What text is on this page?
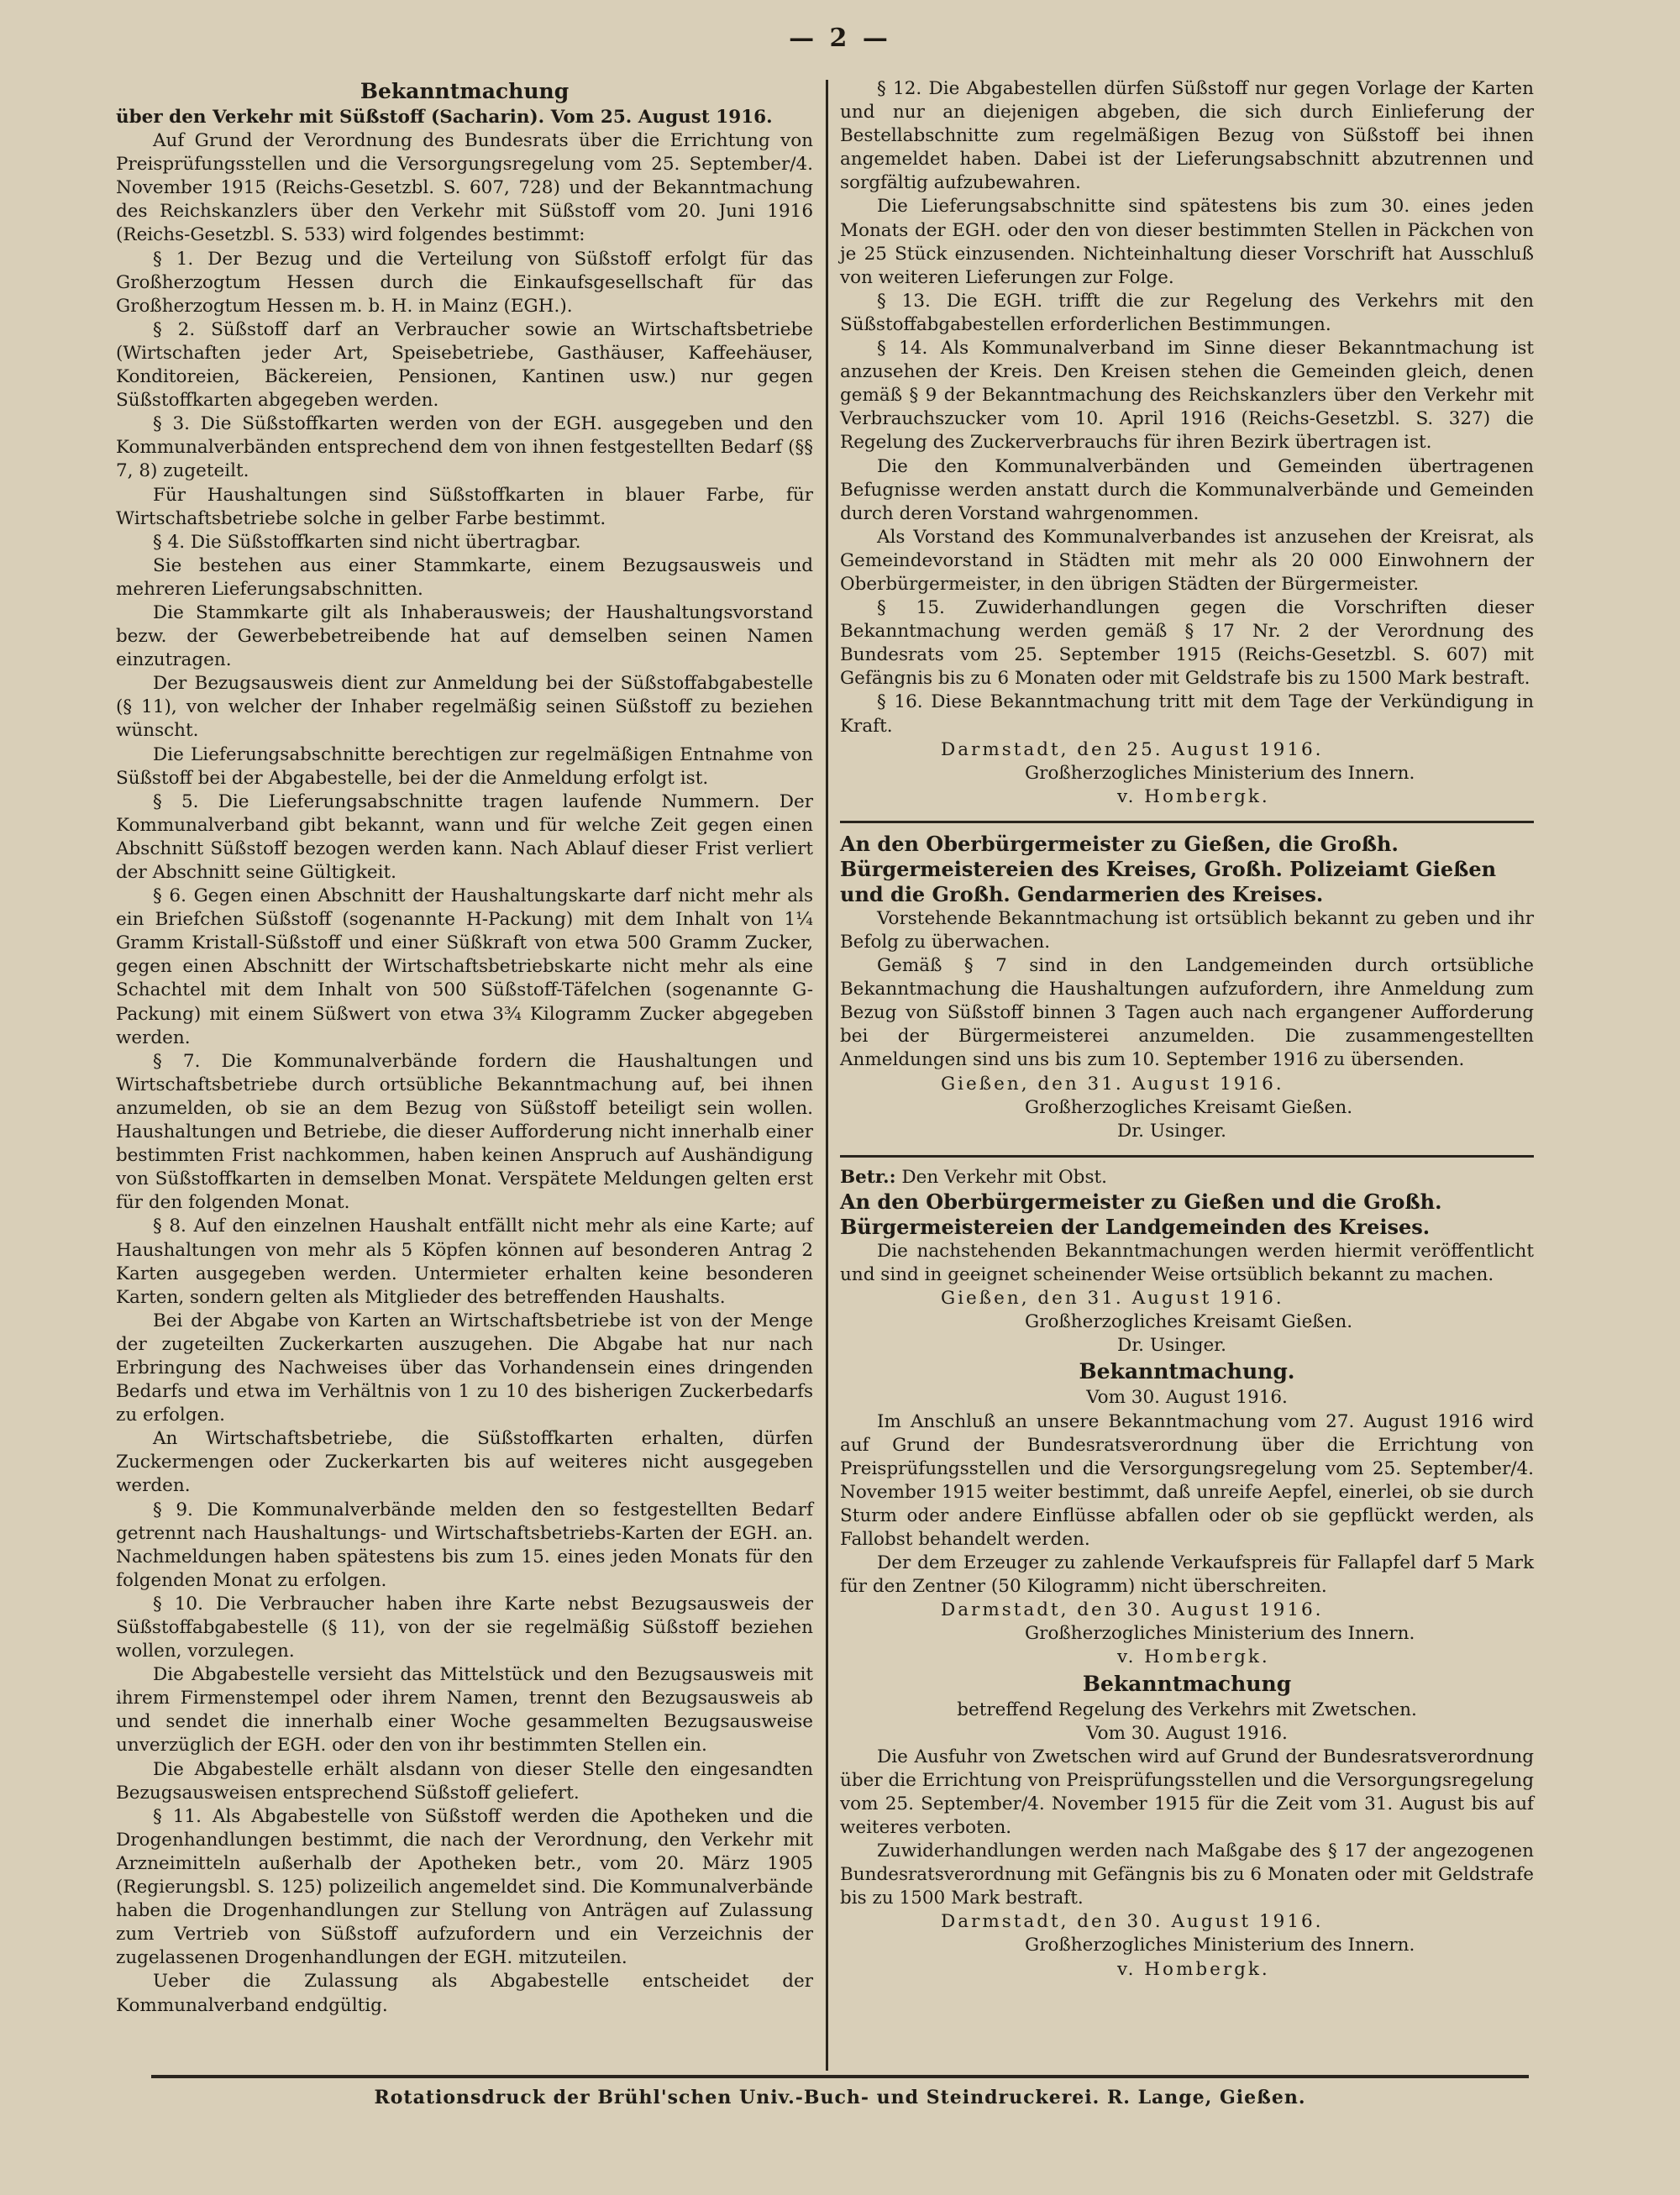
— 2 —
Bekanntmachung

über den Verkehr mit Süßstoff (Sacharin). Vom 25. August 1916.

Auf Grund der Verordnung des Bundesrats über die Errichtung von Preisprüfungsstellen und die Versorgungsregelung vom 25. September/4. November 1915 (Reichs-Gesetzbl. S. 607, 728) und der Bekanntmachung des Reichskanzlers über den Verkehr mit Süßstoff vom 20. Juni 1916 (Reichs-Gesetzbl. S. 533) wird folgendes bestimmt:

§ 1. Der Bezug und die Verteilung von Süßstoff erfolgt für das Großherzogtum Hessen durch die Einkaufsgesellschaft für das Großherzogtum Hessen m. b. H. in Mainz (EGH.).

§ 2. Süßstoff darf an Verbraucher sowie an Wirtschaftsbetriebe (Wirtschaften jeder Art, Speisebetriebe, Gasthäuser, Kaffeehäuser, Konditoreien, Bäckereien, Pensionen, Kantinen usw.) nur gegen Süßstoffkarten abgegeben werden.

§ 3. Die Süßstoffkarten werden von der EGH. ausgegeben und den Kommunalverbänden entsprechend dem von ihnen festgestellten Bedarf (§§ 7, 8) zugeteilt.

Für Haushaltungen sind Süßstoffkarten in blauer Farbe, für Wirtschaftsbetriebe solche in gelber Farbe bestimmt.

§ 4. Die Süßstoffkarten sind nicht übertragbar.

Sie bestehen aus einer Stammkarte, einem Bezugsausweis und mehreren Lieferungsabschnitten.

Die Stammkarte gilt als Inhaberausweis; der Haushaltungsvorstand bezw. der Gewerbebetreibende hat auf demselben seinen Namen einzutragen.

Der Bezugsausweis dient zur Anmeldung bei der Süßstoffabgabestelle (§ 11), von welcher der Inhaber regelmäßig seinen Süßstoff zu beziehen wünscht.

Die Lieferungsabschnitte berechtigen zur regelmäßigen Entnahme von Süßstoff bei der Abgabestelle, bei der die Anmeldung erfolgt ist.

§ 5. Die Lieferungsabschnitte tragen laufende Nummern. Der Kommunalverband gibt bekannt, wann und für welche Zeit gegen einen Abschnitt Süßstoff bezogen werden kann. Nach Ablauf dieser Frist verliert der Abschnitt seine Gültigkeit.

§ 6. Gegen einen Abschnitt der Haushaltungskarte darf nicht mehr als ein Briefchen Süßstoff (sogenannte H-Packung) mit dem Inhalt von 1¼ Gramm Kristall-Süßstoff und einer Süßkraft von etwa 500 Gramm Zucker, gegen einen Abschnitt der Wirtschaftsbetriebskarte nicht mehr als eine Schachtel mit dem Inhalt von 500 Süßstoff-Täfelchen (sogenannte G-Packung) mit einem Süßwert von etwa 3¾ Kilogramm Zucker abgegeben werden.

§ 7. Die Kommunalverbände fordern die Haushaltungen und Wirtschaftsbetriebe durch ortsübliche Bekanntmachung auf, bei ihnen anzumelden, ob sie an dem Bezug von Süßstoff beteiligt sein wollen. Haushaltungen und Betriebe, die dieser Aufforderung nicht innerhalb einer bestimmten Frist nachkommen, haben keinen Anspruch auf Aushändigung von Süßstoffkarten in demselben Monat. Verspätete Meldungen gelten erst für den folgenden Monat.

§ 8. Auf den einzelnen Haushalt entfällt nicht mehr als eine Karte; auf Haushaltungen von mehr als 5 Köpfen können auf besonderen Antrag 2 Karten ausgegeben werden. Untermieter erhalten keine besonderen Karten, sondern gelten als Mitglieder des betreffenden Haushalts.

Bei der Abgabe von Karten an Wirtschaftsbetriebe ist von der Menge der zugeteilten Zuckerkarten auszugehen. Die Abgabe hat nur nach Erbringung des Nachweises über das Vorhandensein eines dringenden Bedarfs und etwa im Verhältnis von 1 zu 10 des bisherigen Zuckerbedarfs zu erfolgen.

An Wirtschaftsbetriebe, die Süßstoffkarten erhalten, dürfen Zuckermengen oder Zuckerkarten bis auf weiteres nicht ausgegeben werden.

§ 9. Die Kommunalverbände melden den so festgestellten Bedarf getrennt nach Haushaltungs- und Wirtschaftsbetriebs-Karten der EGH. an. Nachmeldungen haben spätestens bis zum 15. eines jeden Monats für den folgenden Monat zu erfolgen.

§ 10. Die Verbraucher haben ihre Karte nebst Bezugsausweis der Süßstoffabgabestelle (§ 11), von der sie regelmäßig Süßstoff beziehen wollen, vorzulegen.

Die Abgabestelle versieht das Mittelstück und den Bezugsausweis mit ihrem Firmenstempel oder ihrem Namen, trennt den Bezugsausweis ab und sendet die innerhalb einer Woche gesammelten Bezugsausweise unverzüglich der EGH. oder den von ihr bestimmten Stellen ein.

Die Abgabestelle erhält alsdann von dieser Stelle den eingesandten Bezugsausweisen entsprechend Süßstoff geliefert.

§ 11. Als Abgabestelle von Süßstoff werden die Apotheken und die Drogenhandlungen bestimmt, die nach der Verordnung, den Verkehr mit Arzneimitteln außerhalb der Apotheken betr., vom 20. März 1905 (Regierungsbl. S. 125) polizeilich angemeldet sind. Die Kommunalverbände haben die Drogenhandlungen zur Stellung von Anträgen auf Zulassung zum Vertrieb von Süßstoff aufzufordern und ein Verzeichnis der zugelassenen Drogenhandlungen der EGH. mitzuteilen.

Ueber die Zulassung als Abgabestelle entscheidet der Kommunalverband endgültig.

§ 12. Die Abgabestellen dürfen Süßstoff nur gegen Vorlage der Karten und nur an diejenigen abgeben, die sich durch Einlieferung der Bestellabschnitte zum regelmäßigen Bezug von Süßstoff bei ihnen angemeldet haben. Dabei ist der Lieferungsabschnitt abzutrennen und sorgfältig aufzubewahren.

Die Lieferungsabschnitte sind spätestens bis zum 30. eines jeden Monats der EGH. oder den von dieser bestimmten Stellen in Päckchen von je 25 Stück einzusenden. Nichteinhaltung dieser Vorschrift hat Ausschluß von weiteren Lieferungen zur Folge.

§ 13. Die EGH. trifft die zur Regelung des Verkehrs mit den Süßstoffabgabestellen erforderlichen Bestimmungen.

§ 14. Als Kommunalverband im Sinne dieser Bekanntmachung ist anzusehen der Kreis. Den Kreisen stehen die Gemeinden gleich, denen gemäß § 9 der Bekanntmachung des Reichskanzlers über den Verkehr mit Verbrauchszucker vom 10. April 1916 (Reichs-Gesetzbl. S. 327) die Regelung des Zuckerverbrauchs für ihren Bezirk übertragen ist.

Die den Kommunalverbänden und Gemeinden übertragenen Befugnisse werden anstatt durch die Kommunalverbände und Gemeinden durch deren Vorstand wahrgenommen.

Als Vorstand des Kommunalverbandes ist anzusehen der Kreisrat, als Gemeindevorstand in Städten mit mehr als 20 000 Einwohnern der Oberbürgermeister, in den übrigen Städten der Bürgermeister.

§ 15. Zuwiderhandlungen gegen die Vorschriften dieser Bekanntmachung werden gemäß § 17 Nr. 2 der Verordnung des Bundesrats vom 25. September 1915 (Reichs-Gesetzbl. S. 607) mit Gefängnis bis zu 6 Monaten oder mit Geldstrafe bis zu 1500 Mark bestraft.

§ 16. Diese Bekanntmachung tritt mit dem Tage der Verkündigung in Kraft.

Darmstadt, den 25. August 1916.

Großherzogliches Ministerium des Innern.

v. Hombergk.

An den Oberbürgermeister zu Gießen, die Großh. Bürgermeistereien des Kreises, Großh. Polizeiamt Gießen und die Großh. Gendarmerien des Kreises.

Vorstehende Bekanntmachung ist ortsüblich bekannt zu geben und ihr Befolg zu überwachen.

Gemäß § 7 sind in den Landgemeinden durch ortsübliche Bekanntmachung die Haushaltungen aufzufordern, ihre Anmeldung zum Bezug von Süßstoff binnen 3 Tagen auch nach ergangener Aufforderung bei der Bürgermeisterei anzumelden. Die zusammengestellten Anmeldungen sind uns bis zum 10. September 1916 zu übersenden.

Gießen, den 31. August 1916.

Großherzogliches Kreisamt Gießen.

Dr. Usinger.

Betr.: Den Verkehr mit Obst.

An den Oberbürgermeister zu Gießen und die Großh. Bürgermeistereien der Landgemeinden des Kreises.

Die nachstehenden Bekanntmachungen werden hiermit veröffentlicht und sind in geeignet scheinender Weise ortsüblich bekannt zu machen.

Gießen, den 31. August 1916.

Großherzogliches Kreisamt Gießen.

Dr. Usinger.

Bekanntmachung.

Vom 30. August 1916.

Im Anschluß an unsere Bekanntmachung vom 27. August 1916 wird auf Grund der Bundesratsverordnung über die Errichtung von Preisprüfungsstellen und die Versorgungsregelung vom 25. September/4. November 1915 weiter bestimmt, daß unreife Aepfel, einerlei, ob sie durch Sturm oder andere Einflüsse abfallen oder ob sie gepflückt werden, als Fallobst behandelt werden.

Der dem Erzeuger zu zahlende Verkaufspreis für Fallapfel darf 5 Mark für den Zentner (50 Kilogramm) nicht überschreiten.

Darmstadt, den 30. August 1916.

Großherzogliches Ministerium des Innern.

v. Hombergk.

Bekanntmachung

betreffend Regelung des Verkehrs mit Zwetschen.

Vom 30. August 1916.

Die Ausfuhr von Zwetschen wird auf Grund der Bundesratsverordnung über die Errichtung von Preisprüfungsstellen und die Versorgungsregelung vom 25. September/4. November 1915 für die Zeit vom 31. August bis auf weiteres verboten.

Zuwiderhandlungen werden nach Maßgabe des § 17 der angezogenen Bundesratsverordnung mit Gefängnis bis zu 6 Monaten oder mit Geldstrafe bis zu 1500 Mark bestraft.

Darmstadt, den 30. August 1916.

Großherzogliches Ministerium des Innern.

v. Hombergk.

Rotationsdruck der Brühl'schen Univ.-Buch- und Steindruckerei. R. Lange, Gießen.
